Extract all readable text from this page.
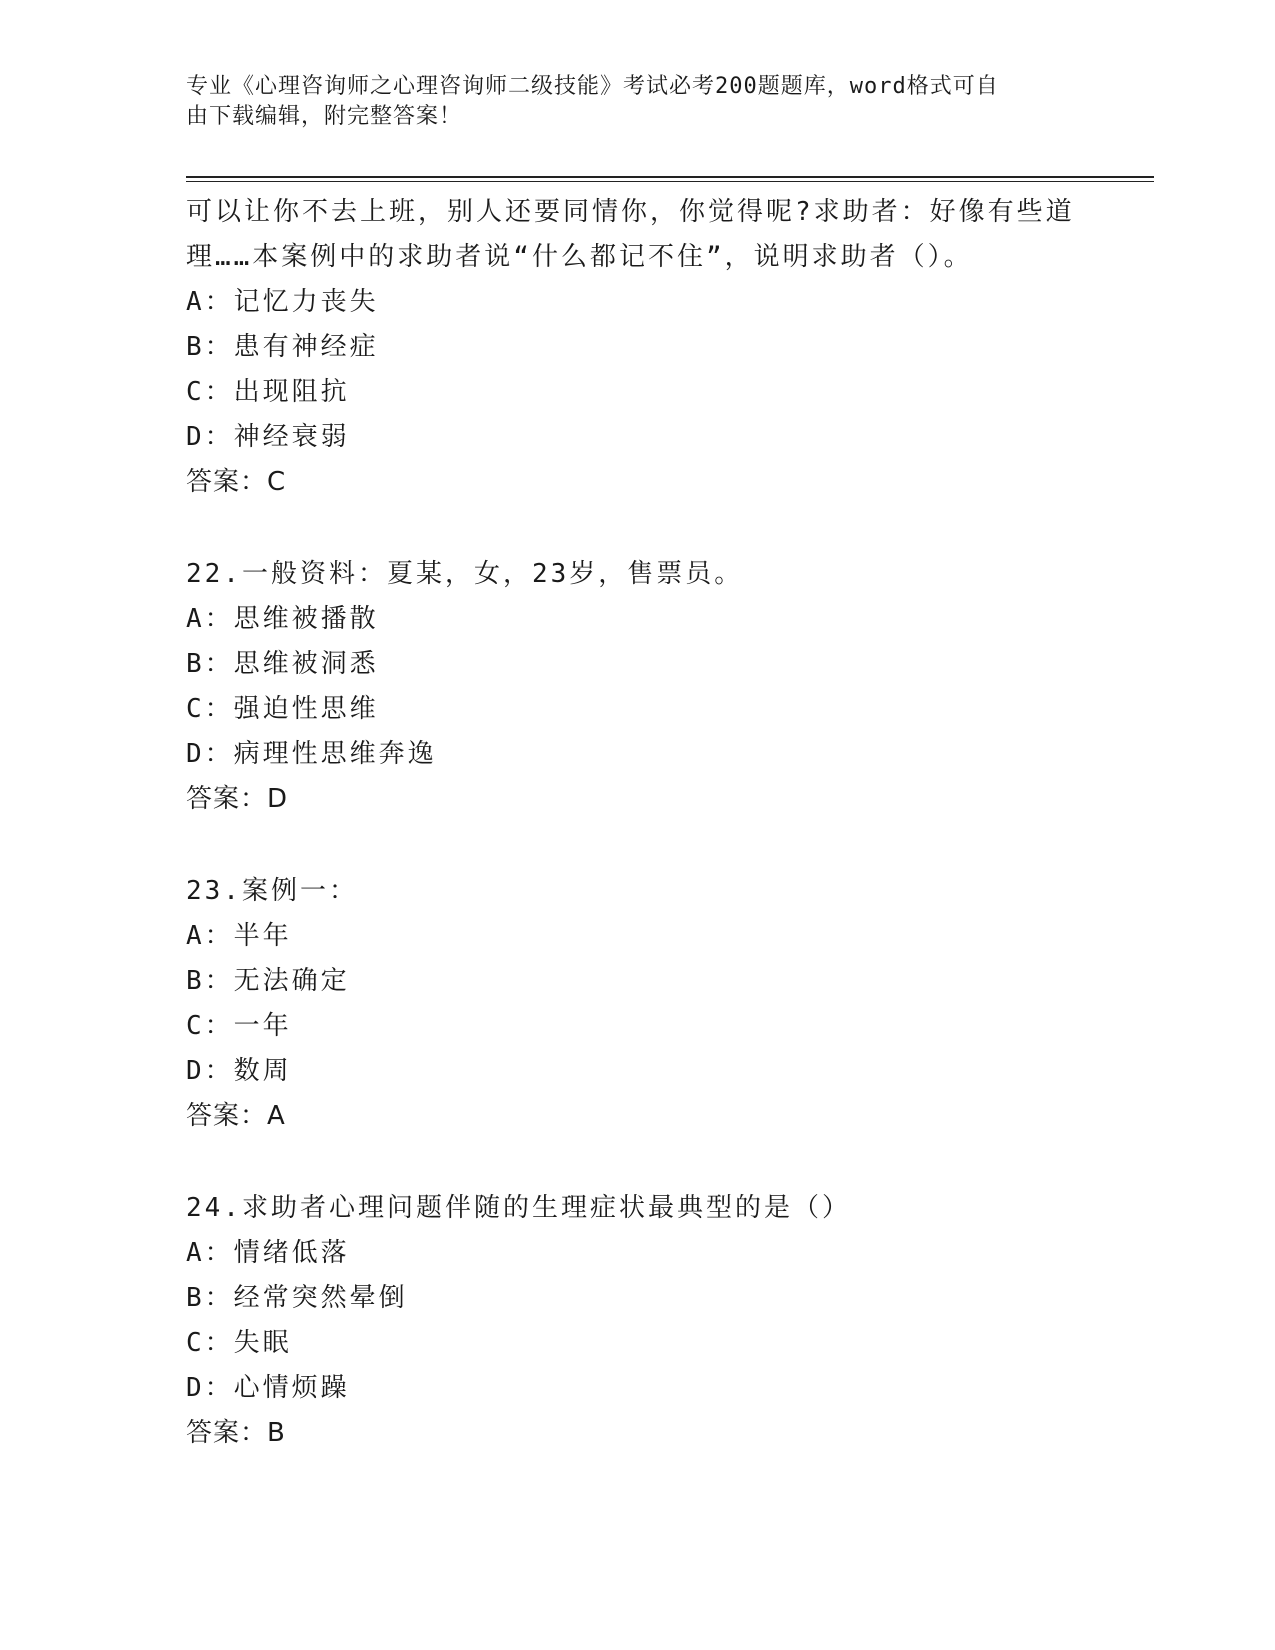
专业《心理咨询师之心理咨询师二级技能》考试必考200题题库，word格式可自
由下载编辑，附完整答案！
可以让你不去上班，别人还要同情你，你觉得呢?求助者：好像有些道
理……本案例中的求助者说“什么都记不住”，说明求助者（）。
A：记忆力丧失
B：患有神经症
C：出现阻抗
D：神经衰弱
答案：C
22.一般资料：夏某，女，23岁，售票员。
A：思维被播散
B：思维被洞悉
C：强迫性思维
D：病理性思维奔逸
答案：D
23.案例一：
A：半年
B：无法确定
C：一年
D：数周
答案：A
24.求助者心理问题伴随的生理症状最典型的是（）
A：情绪低落
B：经常突然晕倒
C：失眠
D：心情烦躁
答案：B
